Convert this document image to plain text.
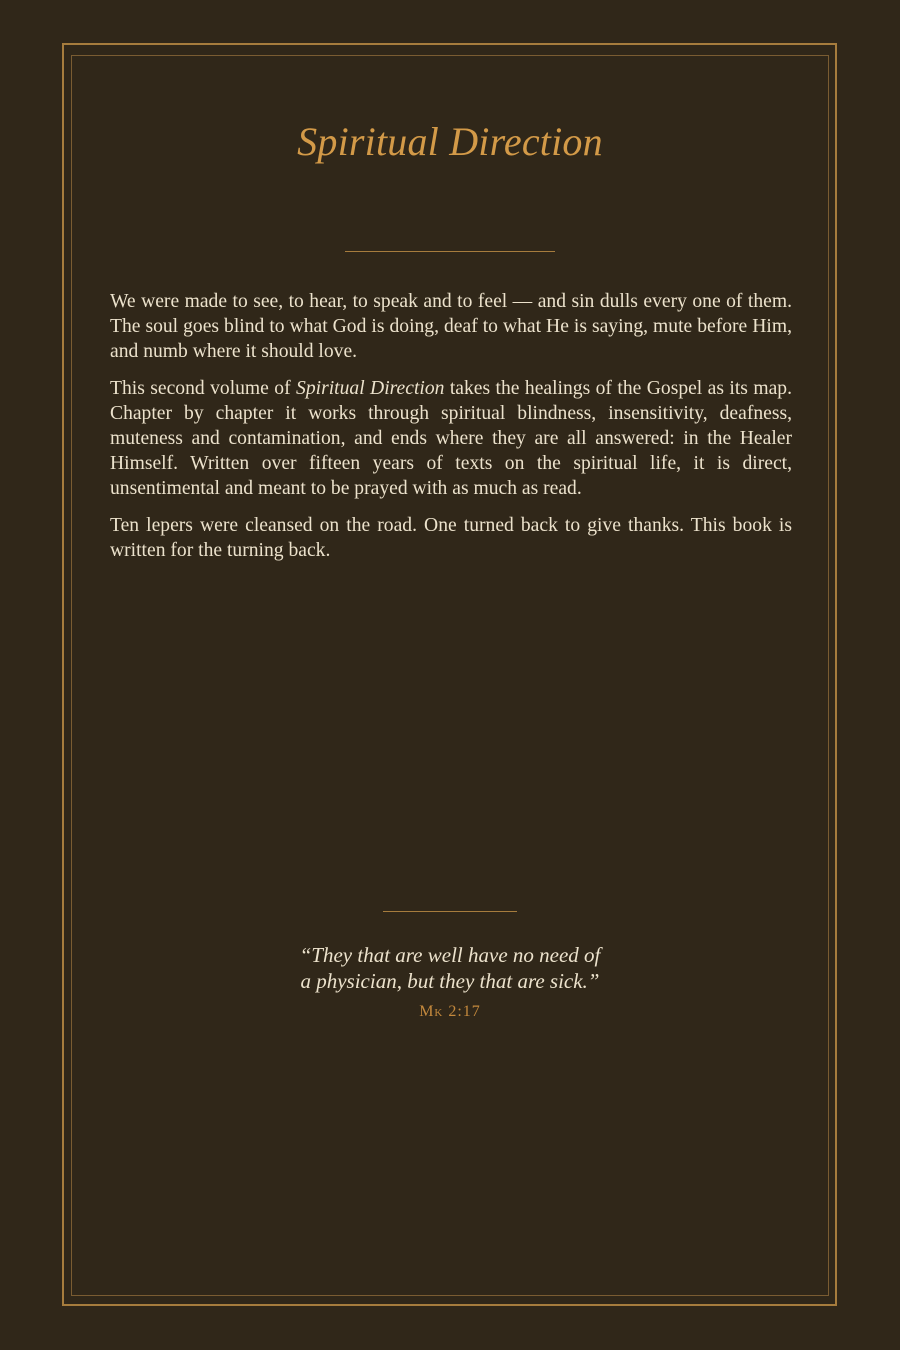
Spiritual Direction

We were made to see, to hear, to speak and to feel — and sin dulls every one of them. The soul goes blind to what God is doing, deaf to what He is saying, mute before Him, and numb where it should love.

This second volume of Spiritual Direction takes the healings of the Gospel as its map. Chapter by chapter it works through spiritual blindness, insensitivity, deafness, muteness and contamination, and ends where they are all answered: in the Healer Himself. Written over fifteen years of texts on the spiritual life, it is direct, unsentimental and meant to be prayed with as much as read.

Ten lepers were cleansed on the road. One turned back to give thanks. This book is written for the turning back.

“They that are well have no need of
a physician, but they that are sick.”
Mk 2:17
